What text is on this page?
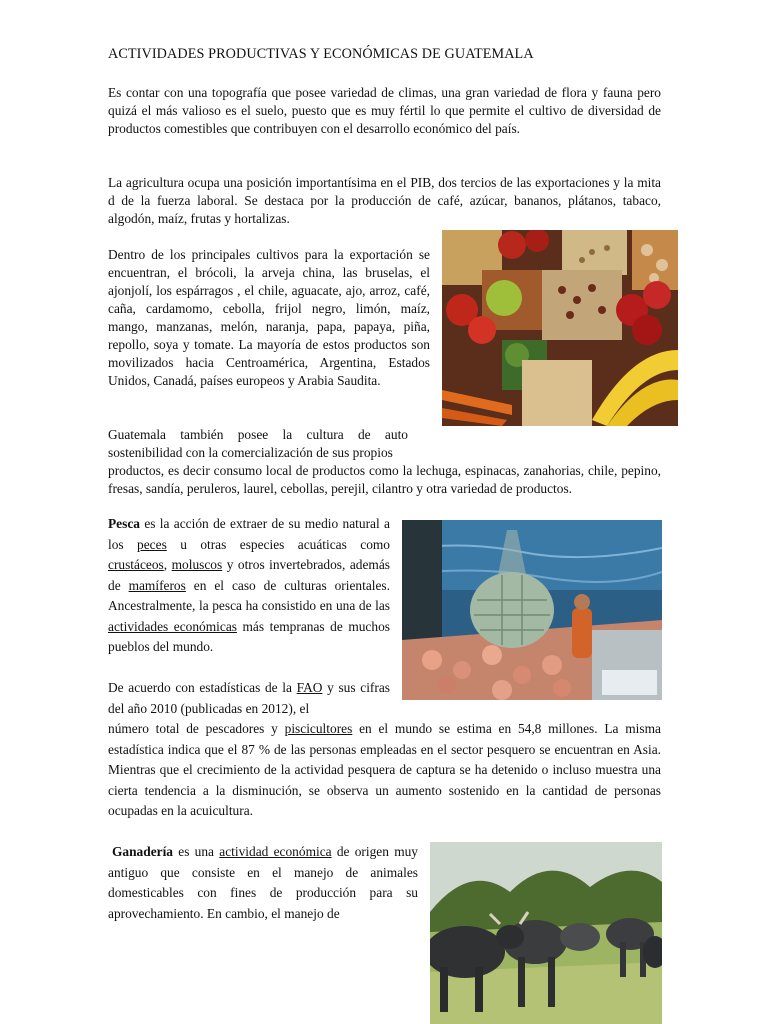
ACTIVIDADES PRODUCTIVAS Y ECONÓMICAS DE GUATEMALA

Es contar con una topografía que posee variedad de climas, una gran variedad de flora y fauna pero quizá el más valioso es el suelo, puesto que es muy fértil lo que permite el cultivo de diversidad de productos comestibles que contribuyen con el desarrollo económico del país.

La agricultura ocupa una posición importantísima en el PIB, dos tercios de las exportaciones y la mita d de la fuerza laboral. Se destaca por la producción de café, azúcar, bananos, plátanos, tabaco, algodón, maíz, frutas y hortalizas.

Dentro de los principales cultivos para la exportación se encuentran, el brócoli, la arveja china, las bruselas, el ajonjolí, los espárragos , el chile, aguacate, ajo, arroz, café, caña, cardamomo, cebolla, frijol negro, limón, maíz, mango, manzanas, melón, naranja, papa, papaya, piña, repollo, soya y tomate. La mayoría de estos productos son movilizados hacia Centroamérica, Argentina, Estados Unidos, Canadá, países europeos y Arabia Saudita.

Guatemala también posee la cultura de auto sostenibilidad con la comercialización de sus propios
productos, es decir consumo local de productos como la lechuga, espinacas, zanahorias, chile, pepino, fresas, sandía, peruleros, laurel, cebollas, perejil, cilantro y otra variedad de productos.

Pesca es la acción de extraer de su medio natural a los peces u otras especies acuáticas como crustáceos, moluscos y otros invertebrados, además de mamíferos en el caso de culturas orientales. Ancestralmente, la pesca ha consistido en una de las actividades económicas más tempranas de muchos pueblos del mundo.

De acuerdo con estadísticas de la FAO y sus cifras del año 2010 (publicadas en 2012), el

número total de pescadores y piscicultores en el mundo se estima en 54,8 millones. La misma estadística indica que el 87 % de las personas empleadas en el sector pesquero se encuentran en Asia. Mientras que el crecimiento de la actividad pesquera de captura se ha detenido o incluso muestra una cierta tendencia a la disminución, se observa un aumento sostenido en la cantidad de personas ocupadas en la acuicultura.

Ganadería es una actividad económica de origen muy antiguo que consiste en el manejo de animales domesticables con fines de producción para su aprovechamiento. En cambio, el manejo de
